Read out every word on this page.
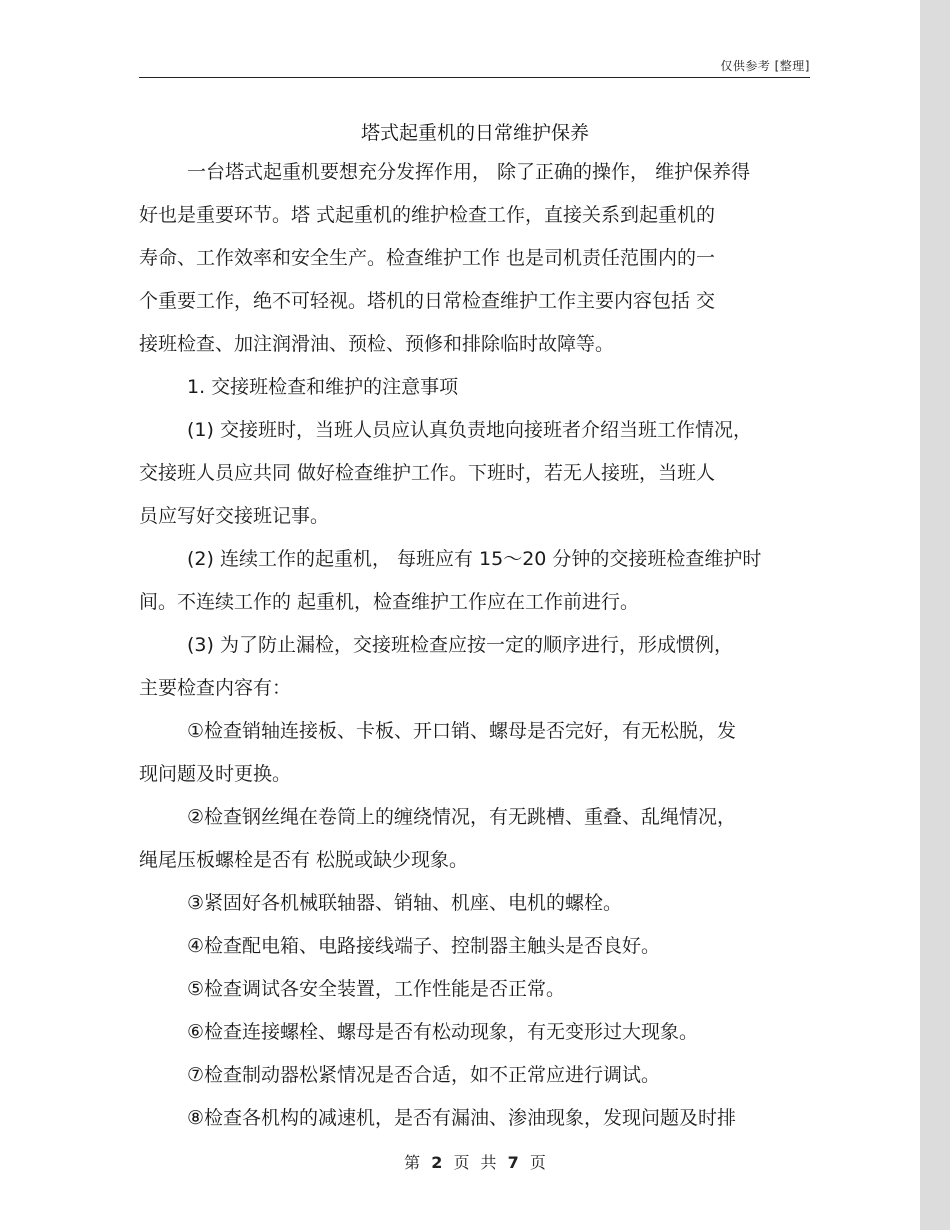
仅供参考 [整理]
塔式起重机的日常维护保养
一台塔式起重机要想充分发挥作用， 除了正确的操作， 维护保养得
好也是重要环节。塔 式起重机的维护检查工作，直接关系到起重机的
寿命、工作效率和安全生产。检查维护工作 也是司机责任范围内的一
个重要工作，绝不可轻视。塔机的日常检查维护工作主要内容包括 交
接班检查、加注润滑油、预检、预修和排除临时故障等。
1. 交接班检查和维护的注意事项
(1) 交接班时，当班人员应认真负责地向接班者介绍当班工作情况，
交接班人员应共同 做好检查维护工作。下班时，若无人接班，当班人
员应写好交接班记事。
(2) 连续工作的起重机， 每班应有 15～20 分钟的交接班检查维护时
间。不连续工作的 起重机，检查维护工作应在工作前进行。
(3) 为了防止漏检，交接班检查应按一定的顺序进行，形成惯例，
主要检查内容有：
①检查销轴连接板、卡板、开口销、螺母是否完好，有无松脱，发
现问题及时更换。
②检查钢丝绳在卷筒上的缠绕情况，有无跳槽、重叠、乱绳情况，
绳尾压板螺栓是否有 松脱或缺少现象。
③紧固好各机械联轴器、销轴、机座、电机的螺栓。
④检查配电箱、电路接线端子、控制器主触头是否良好。
⑤检查调试各安全装置，工作性能是否正常。
⑥检查连接螺栓、螺母是否有松动现象，有无变形过大现象。
⑦检查制动器松紧情况是否合适，如不正常应进行调试。
⑧检查各机构的减速机，是否有漏油、渗油现象，发现问题及时排
第 2 页 共 7 页
